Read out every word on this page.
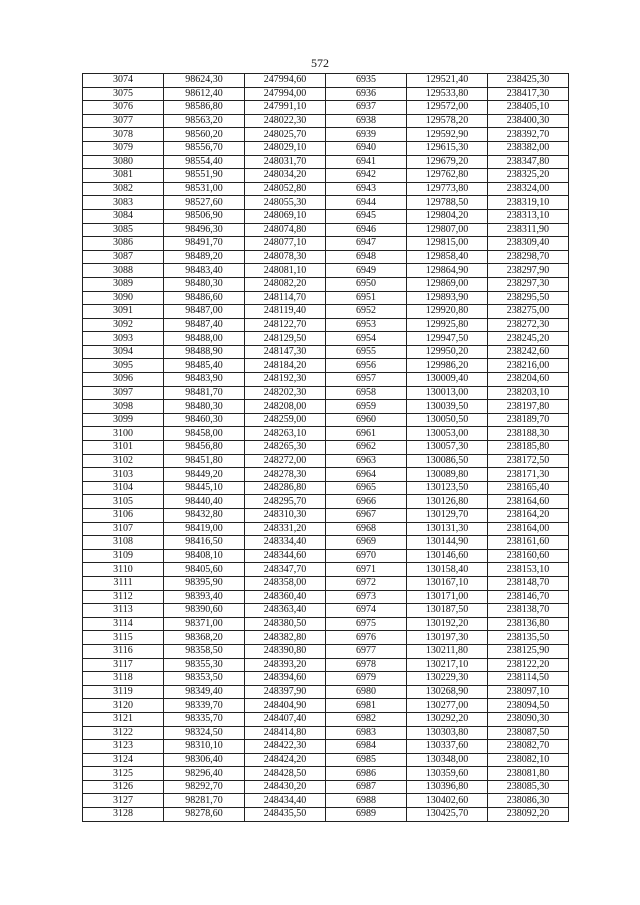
572
3074	98624,30	247994,60	6935	129521,40	238425,30
3075	98612,40	247994,00	6936	129533,80	238417,30
3076	98586,80	247991,10	6937	129572,00	238405,10
3077	98563,20	248022,30	6938	129578,20	238400,30
3078	98560,20	248025,70	6939	129592,90	238392,70
3079	98556,70	248029,10	6940	129615,30	238382,00
3080	98554,40	248031,70	6941	129679,20	238347,80
3081	98551,90	248034,20	6942	129762,80	238325,20
3082	98531,00	248052,80	6943	129773,80	238324,00
3083	98527,60	248055,30	6944	129788,50	238319,10
3084	98506,90	248069,10	6945	129804,20	238313,10
3085	98496,30	248074,80	6946	129807,00	238311,90
3086	98491,70	248077,10	6947	129815,00	238309,40
3087	98489,20	248078,30	6948	129858,40	238298,70
3088	98483,40	248081,10	6949	129864,90	238297,90
3089	98480,30	248082,20	6950	129869,00	238297,30
3090	98486,60	248114,70	6951	129893,90	238295,50
3091	98487,00	248119,40	6952	129920,80	238275,00
3092	98487,40	248122,70	6953	129925,80	238272,30
3093	98488,00	248129,50	6954	129947,50	238245,20
3094	98488,90	248147,30	6955	129950,20	238242,60
3095	98485,40	248184,20	6956	129986,20	238216,00
3096	98483,90	248192,30	6957	130009,40	238204,60
3097	98481,70	248202,30	6958	130013,00	238203,10
3098	98480,30	248208,00	6959	130039,50	238197,80
3099	98460,30	248259,00	6960	130050,50	238189,70
3100	98458,00	248263,10	6961	130053,00	238188,30
3101	98456,80	248265,30	6962	130057,30	238185,80
3102	98451,80	248272,00	6963	130086,50	238172,50
3103	98449,20	248278,30	6964	130089,80	238171,30
3104	98445,10	248286,80	6965	130123,50	238165,40
3105	98440,40	248295,70	6966	130126,80	238164,60
3106	98432,80	248310,30	6967	130129,70	238164,20
3107	98419,00	248331,20	6968	130131,30	238164,00
3108	98416,50	248334,40	6969	130144,90	238161,60
3109	98408,10	248344,60	6970	130146,60	238160,60
3110	98405,60	248347,70	6971	130158,40	238153,10
3111	98395,90	248358,00	6972	130167,10	238148,70
3112	98393,40	248360,40	6973	130171,00	238146,70
3113	98390,60	248363,40	6974	130187,50	238138,70
3114	98371,00	248380,50	6975	130192,20	238136,80
3115	98368,20	248382,80	6976	130197,30	238135,50
3116	98358,50	248390,80	6977	130211,80	238125,90
3117	98355,30	248393,20	6978	130217,10	238122,20
3118	98353,50	248394,60	6979	130229,30	238114,50
3119	98349,40	248397,90	6980	130268,90	238097,10
3120	98339,70	248404,90	6981	130277,00	238094,50
3121	98335,70	248407,40	6982	130292,20	238090,30
3122	98324,50	248414,80	6983	130303,80	238087,50
3123	98310,10	248422,30	6984	130337,60	238082,70
3124	98306,40	248424,20	6985	130348,00	238082,10
3125	98296,40	248428,50	6986	130359,60	238081,80
3126	98292,70	248430,20	6987	130396,80	238085,30
3127	98281,70	248434,40	6988	130402,60	238086,30
3128	98278,60	248435,50	6989	130425,70	238092,20
